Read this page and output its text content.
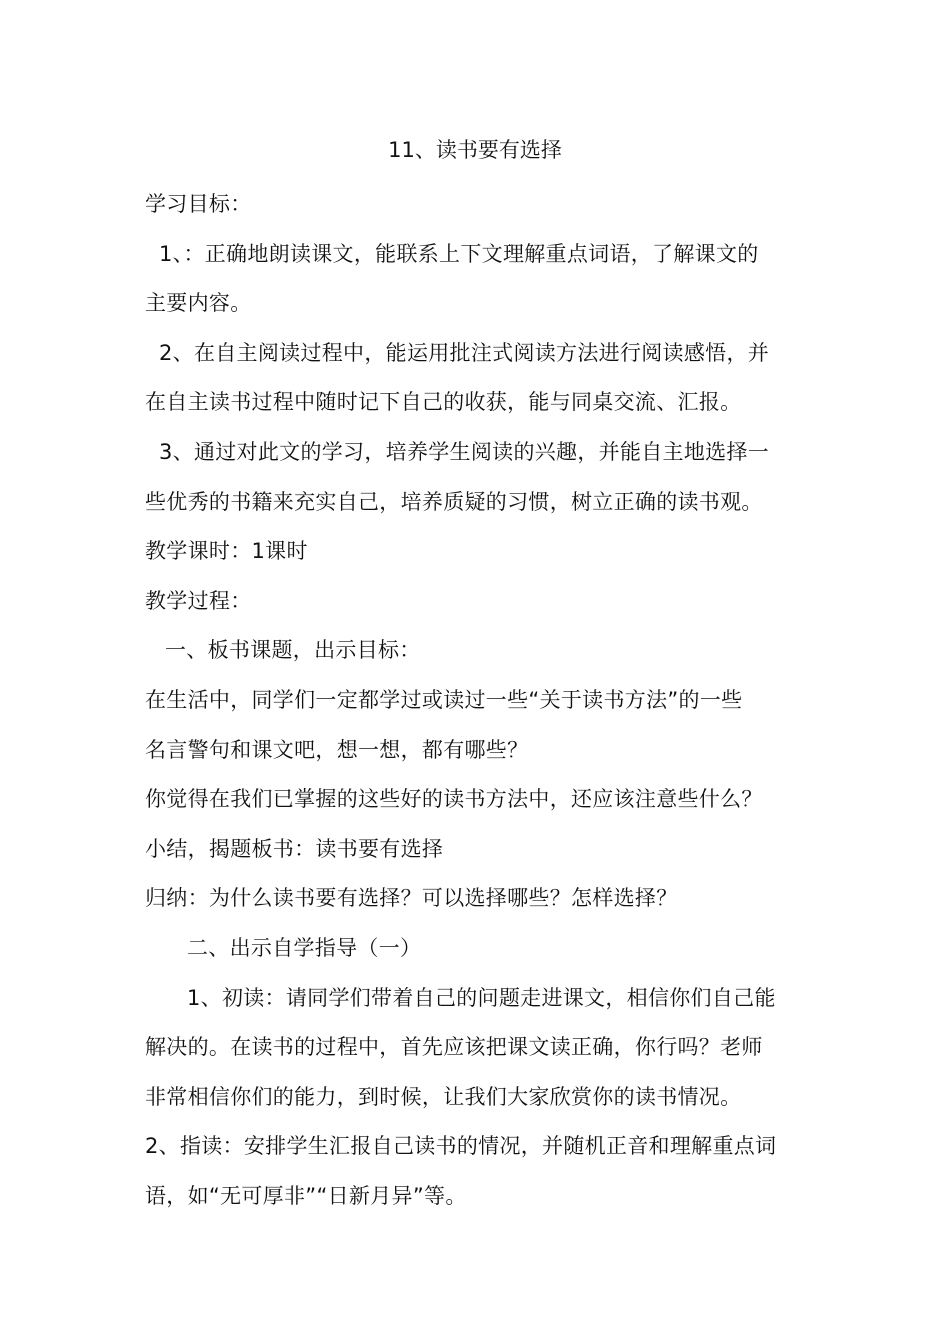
11、读书要有选择
学习目标：
1、：正确地朗读课文，能联系上下文理解重点词语，了解课文的
主要内容。
2、在自主阅读过程中，能运用批注式阅读方法进行阅读感悟，并
在自主读书过程中随时记下自己的收获，能与同桌交流、汇报。
3、通过对此文的学习，培养学生阅读的兴趣，并能自主地选择一
些优秀的书籍来充实自己，培养质疑的习惯，树立正确的读书观。
教学课时：1课时
教学过程：
一、板书课题，出示目标：
在生活中，同学们一定都学过或读过一些“关于读书方法”的一些
名言警句和课文吧，想一想，都有哪些？
你觉得在我们已掌握的这些好的读书方法中，还应该注意些什么？
小结，揭题板书：读书要有选择
归纳：为什么读书要有选择？可以选择哪些？怎样选择？
二、出示自学指导（一）
1、初读：请同学们带着自己的问题走进课文，相信你们自己能
解决的。在读书的过程中，首先应该把课文读正确，你行吗？老师
非常相信你们的能力，到时候，让我们大家欣赏你的读书情况。
2、指读：安排学生汇报自己读书的情况，并随机正音和理解重点词
语，如“无可厚非”“日新月异”等。
